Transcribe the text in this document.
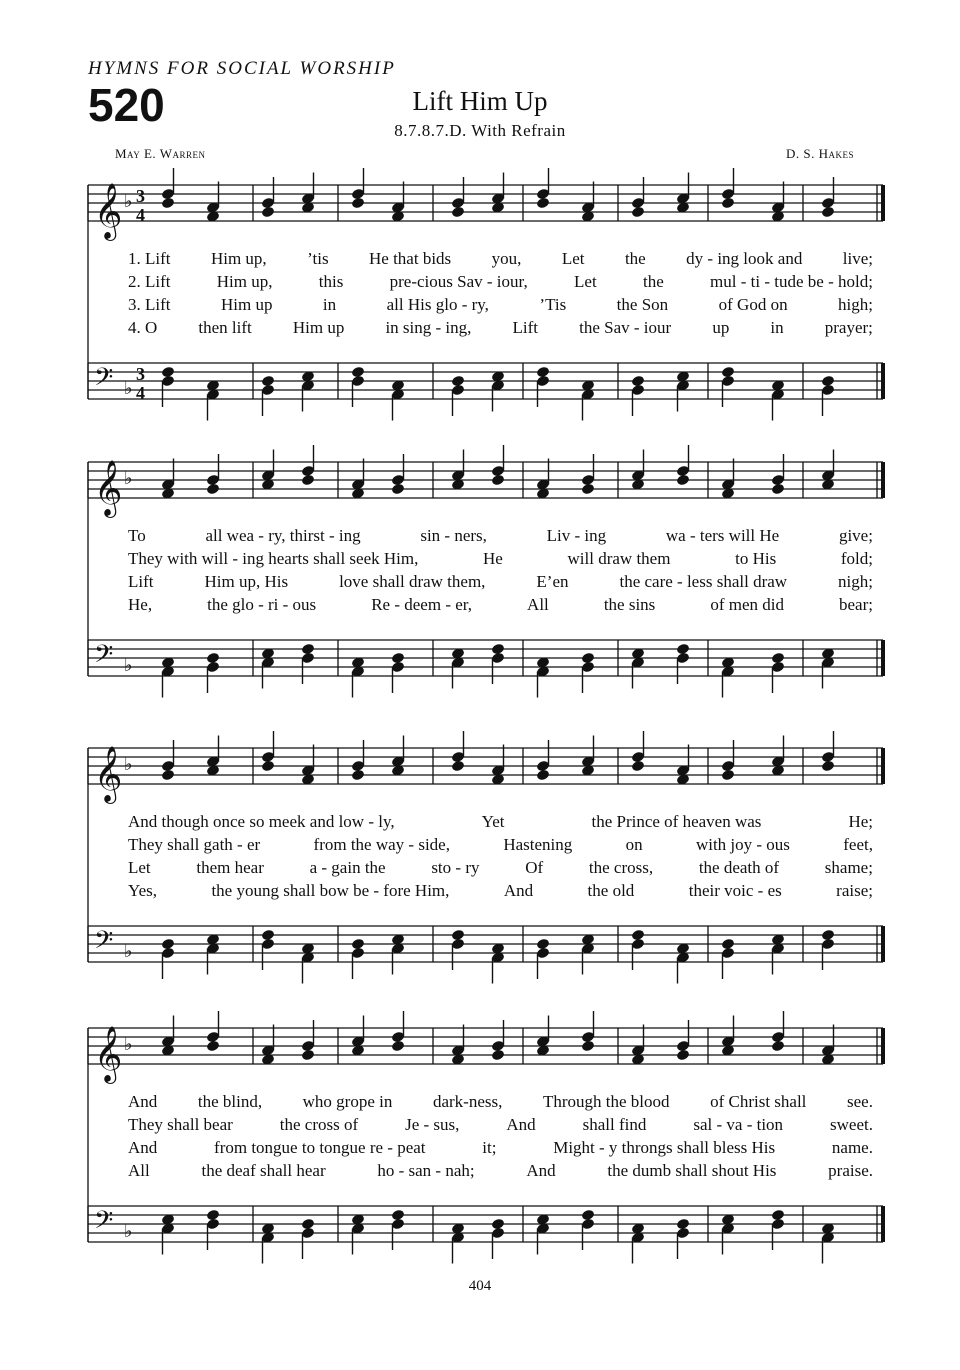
HYMNS FOR SOCIAL WORSHIP
520	Lift Him Up
8.7.8.7.D. With Refrain
May E. Warren	D. S. Hakes
𝄞 ♭ 3
4
𝄢 ♭
3
4
1. Lift Him up, ’tis He that bids you, Let the dy - ing look and live;
2. Lift	Him up,	this	pre-cious Sav - iour,	Let	the	mul - ti - tude be - hold;
3. Lift	Him up	in	all His glo - ry,	’Tis	the Son	of God on	high;
4. O then lift Him up in sing - ing, Lift the Sav - iour up in prayer;
𝄞 ♭
𝄢 ♭
To	all wea - ry, thirst - ing	sin - ners,	Liv - ing	wa - ters will He	give;
They with will - ing hearts shall seek Him,	He	will draw them	to His	fold;
Lift	Him up, His	love shall draw them,	E’en	the care - less shall draw	nigh;
He,	the glo - ri - ous	Re - deem - er,	All	the sins	of men did	bear;
𝄞 ♭
𝄢 ♭
And though once so meek and low - ly,	Yet	the Prince of heaven was	He;
They shall gath - er	from the way - side,	Hastening	on	with joy - ous	feet,
Let	them hear	a - gain the	sto - ry	Of	the cross,	the death of	shame;
Yes,	the young shall bow be - fore Him,	And	the old	their voic - es	raise;
𝄞 ♭
𝄢 ♭
And the blind, who grope in dark-ness, Through the blood of Christ shall see.
They shall bear	the cross of	Je - sus,	And	shall find	sal - va - tion	sweet.
And	from tongue to tongue re - peat	it;	Might - y throngs shall bless His	name.
All	the deaf shall hear	ho - san - nah;	And	the dumb shall shout His	praise.
404
